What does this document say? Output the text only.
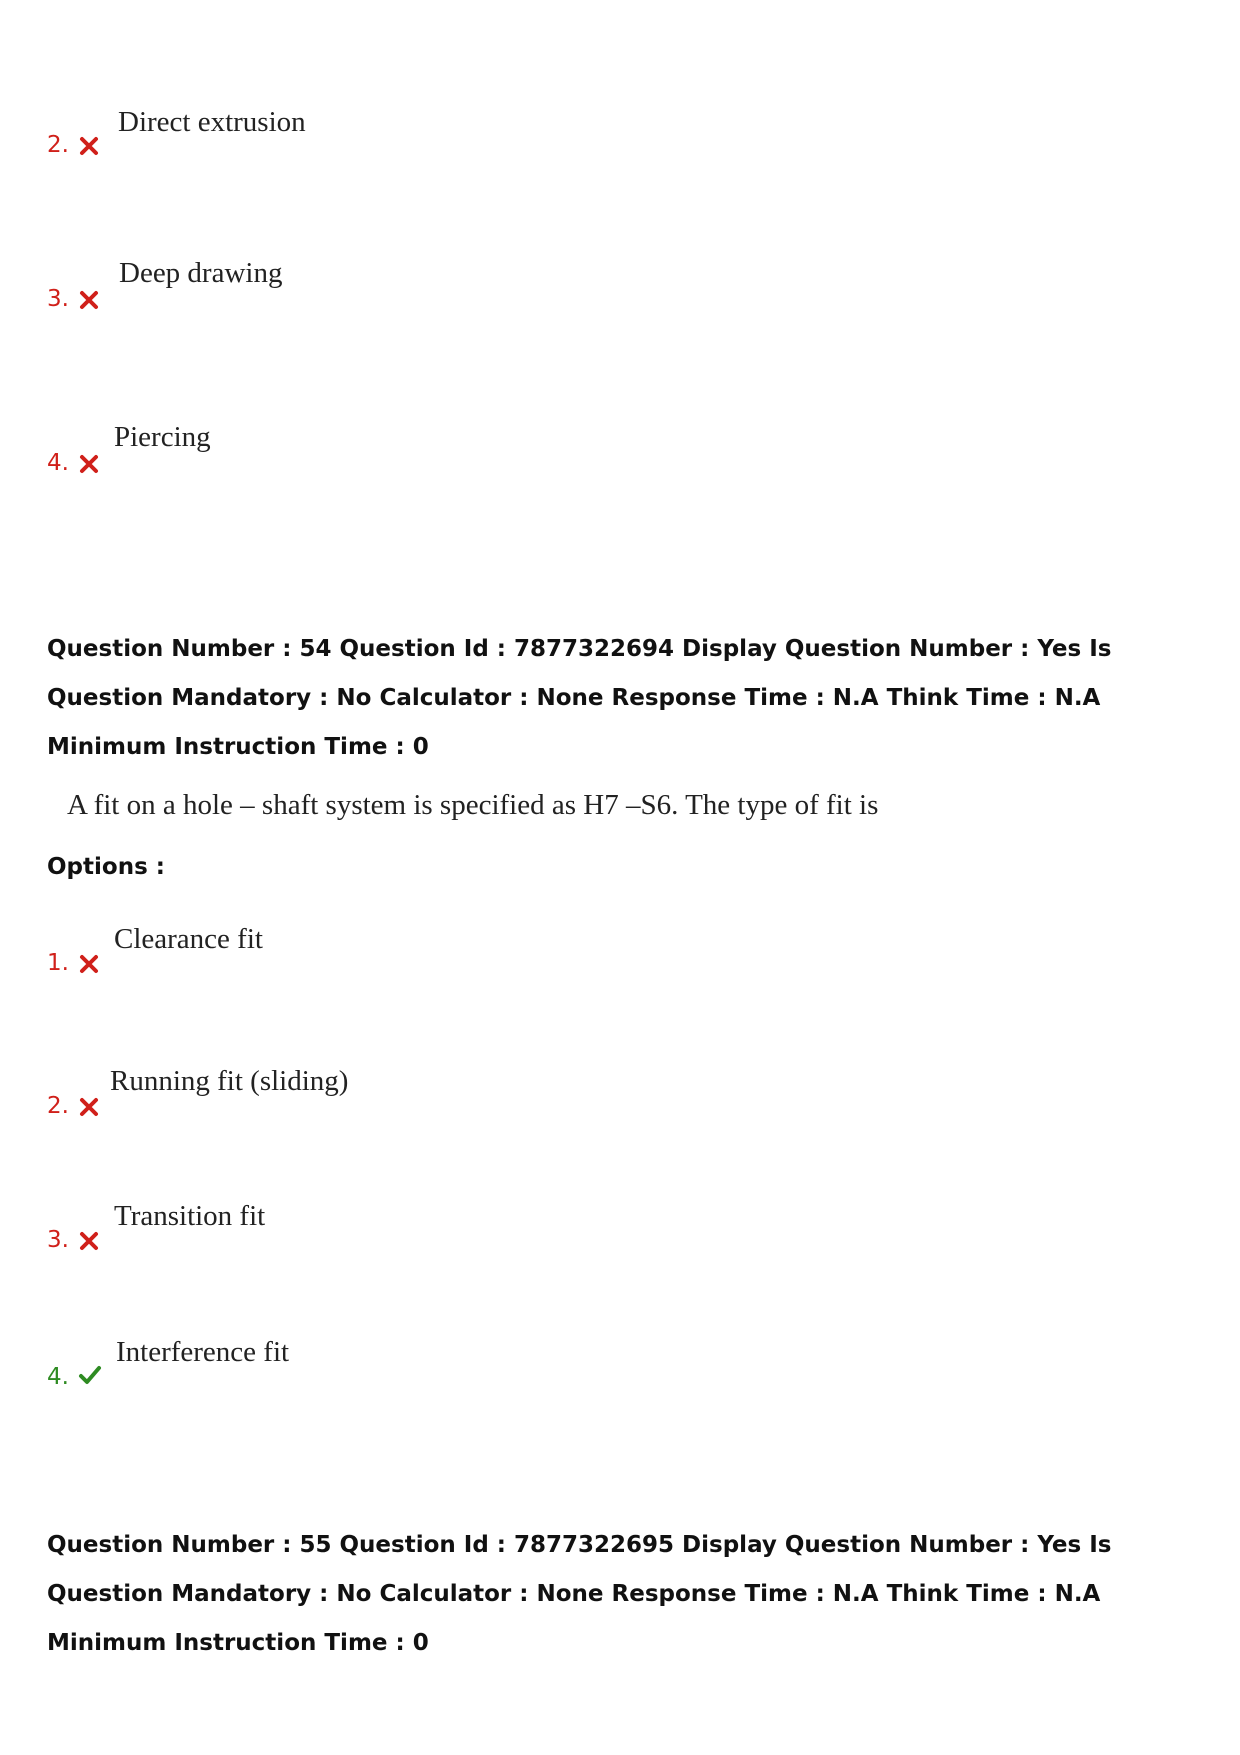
Direct extrusion
2.
Deep drawing
3.
Piercing
4.
Question Number : 54 Question Id : 7877322694 Display Question Number : Yes Is Question Mandatory : No Calculator : None Response Time : N.A Think Time : N.A Minimum Instruction Time : 0
A fit on a hole – shaft system is specified as H7 –S6. The type of fit is
Options :
Clearance fit
1.
Running fit (sliding)
2.
Transition fit
3.
Interference fit
4.
Question Number : 55 Question Id : 7877322695 Display Question Number : Yes Is Question Mandatory : No Calculator : None Response Time : N.A Think Time : N.A Minimum Instruction Time : 0
